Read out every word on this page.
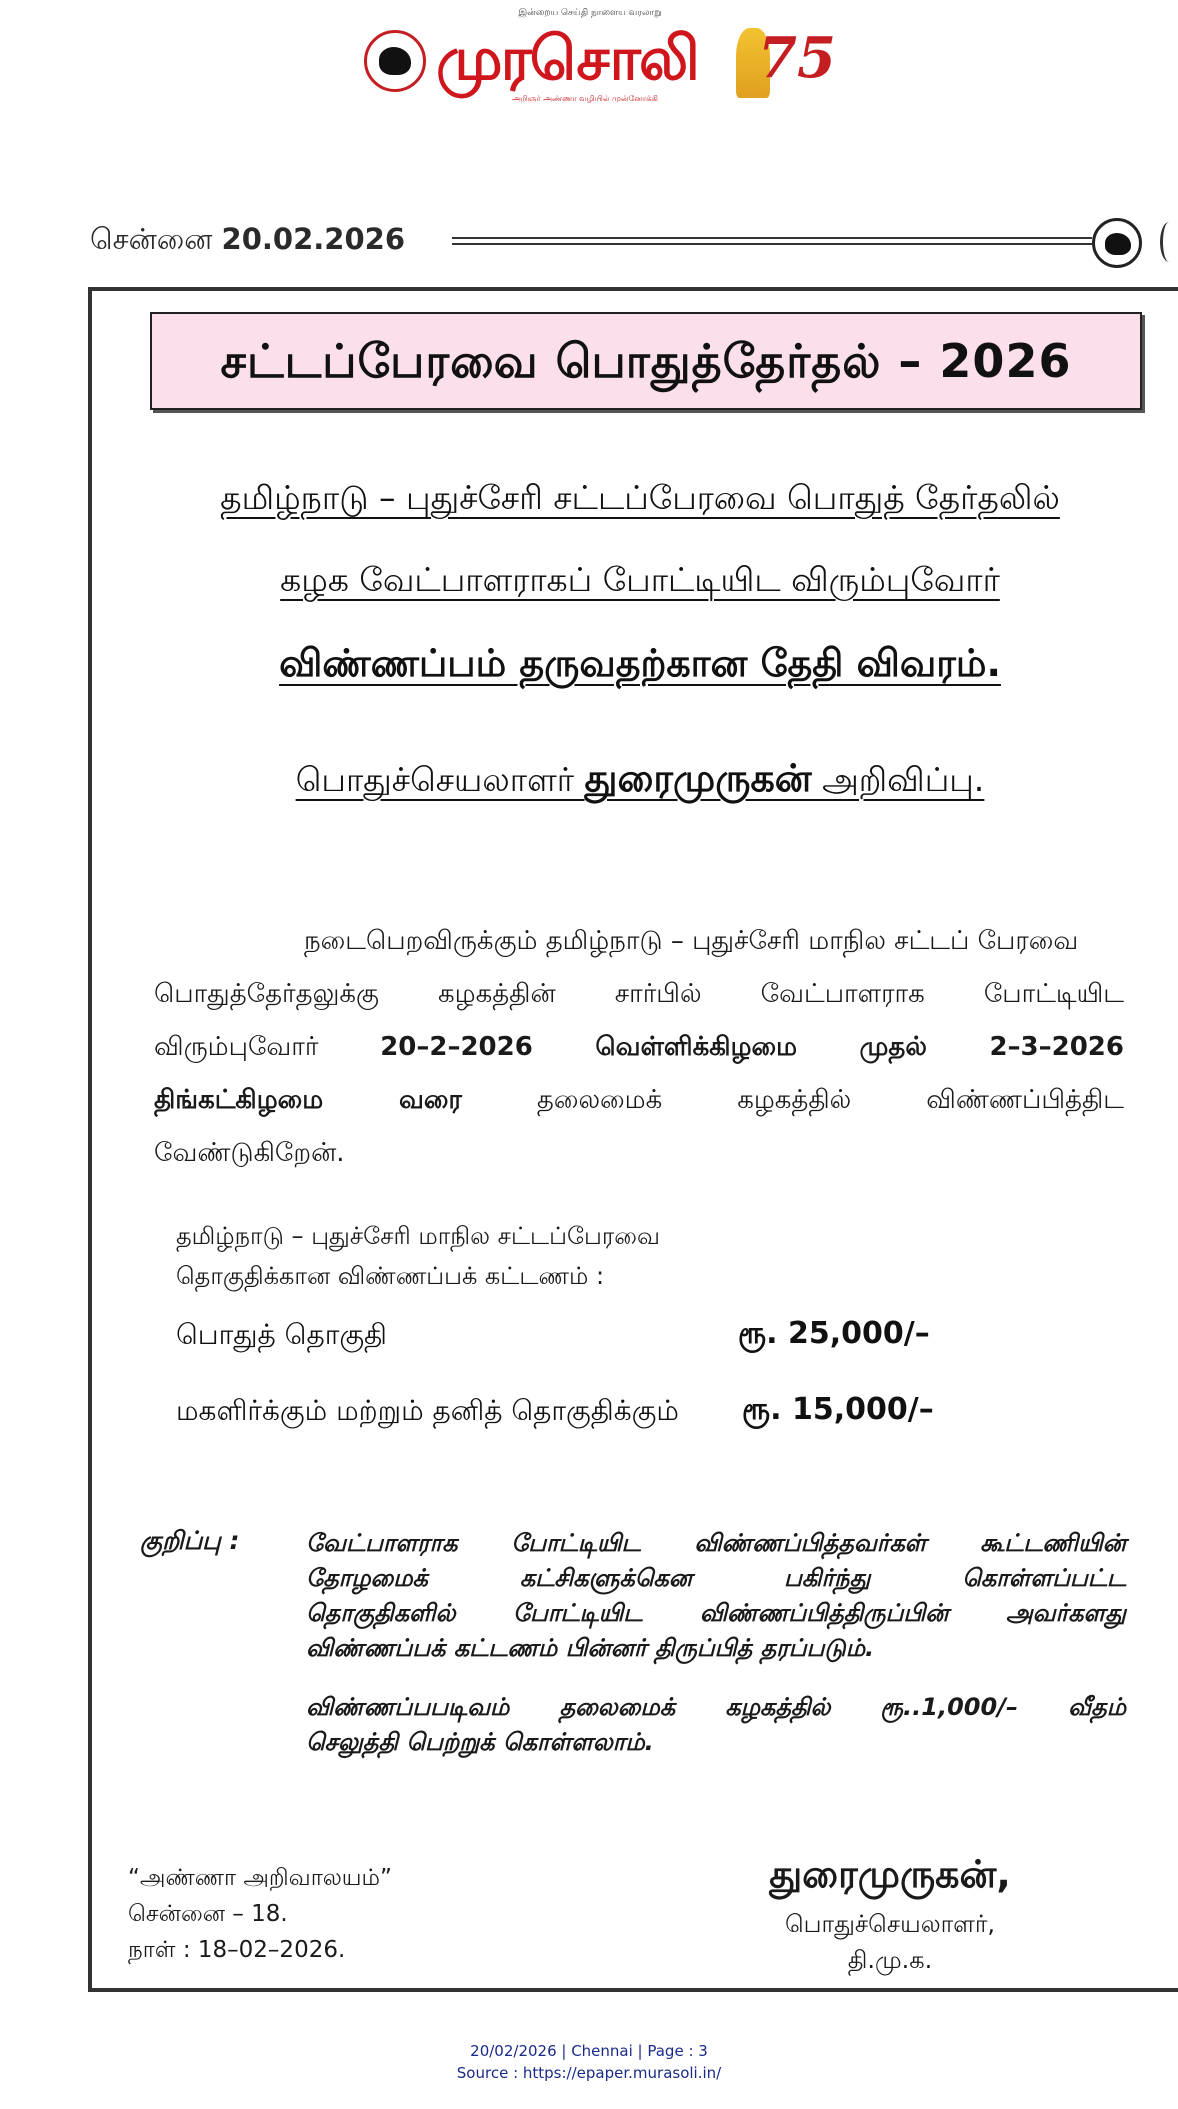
இன்றைய செய்தி நாளைய வரலாறு
முரசொலி
அறிஞர் அண்ணா வழியில் முன்னோக்கி
75
சென்னை 20.02.2026
சட்டப்பேரவை பொதுத்தேர்தல் – 2026
தமிழ்நாடு – புதுச்சேரி சட்டப்பேரவை பொதுத் தேர்தலில்
கழக வேட்பாளராகப் போட்டியிட விரும்புவோர்
விண்ணப்பம் தருவதற்கான தேதி விவரம்.
பொதுச்செயலாளர் துரைமுருகன் அறிவிப்பு.
நடைபெறவிருக்கும் தமிழ்நாடு – புதுச்சேரி மாநில சட்டப் பேரவை
பொதுத்தேர்தலுக்கு கழகத்தின் சார்பில் வேட்பாளராக போட்டியிட
விரும்புவோர் 20–2–2026 வெள்ளிக்கிழமை முதல் 2–3–2026
திங்கட்கிழமை வரை தலைமைக் கழகத்தில் விண்ணப்பித்திட
வேண்டுகிறேன்.
தமிழ்நாடு – புதுச்சேரி மாநில சட்டப்பேரவை
தொகுதிக்கான விண்ணப்பக் கட்டணம் :
பொதுத் தொகுதி	ரூ. 25,000/–
மகளிர்க்கும் மற்றும் தனித் தொகுதிக்கும் ரூ. 15,000/–
குறிப்பு :	வேட்பாளராக போட்டியிட விண்ணப்பித்தவர்கள் கூட்டணியின்
தோழமைக் கட்சிகளுக்கென பகிர்ந்து கொள்ளப்பட்ட
தொகுதிகளில் போட்டியிட விண்ணப்பித்திருப்பின் அவர்களது
விண்ணப்பக் கட்டணம் பின்னர் திருப்பித் தரப்படும்.
விண்ணப்பபடிவம் தலைமைக் கழகத்தில் ரூ..1,000/– வீதம்
செலுத்தி பெற்றுக் கொள்ளலாம்.
“அண்ணா அறிவாலயம்”
சென்னை – 18.
நாள் : 18–02–2026.
துரைமுருகன்,
பொதுச்செயலாளர்,
தி.மு.க.
20/02/2026 | Chennai | Page : 3
Source : https://epaper.murasoli.in/
